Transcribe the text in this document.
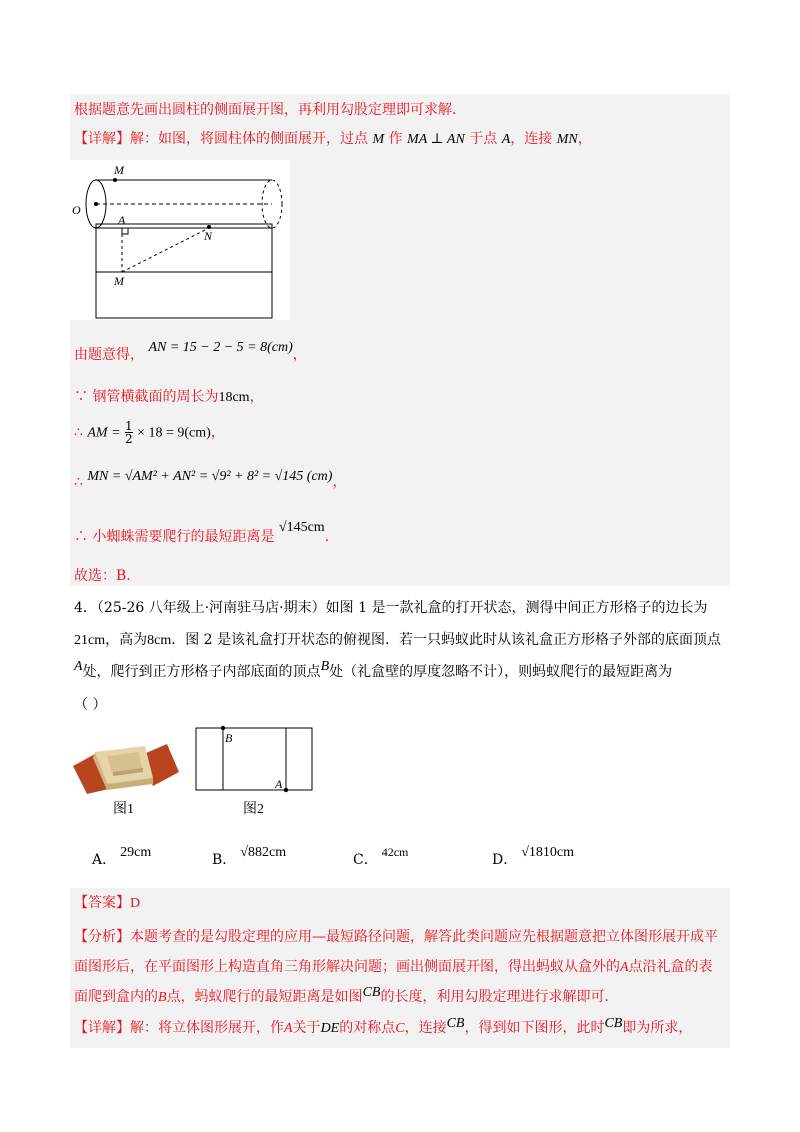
根据题意先画出圆柱的侧面展开图，再利用勾股定理即可求解.
【详解】解：如图，将圆柱体的侧面展开，过点 M 作 MA ⊥ AN 于点 A，连接 MN，
M
O
A
N
M
由题意得， AN = 15 − 2 − 5 = 8(cm)，
∵ 钢管横截面的周长为18cm，
∴ AM = $\frac{1}{2} \times 18 = 9(cm)$，
∴ MN = √AM² + AN² = √9² + 8² = √145 (cm)，
∴ 小蜘蛛需要爬行的最短距离是 √145cm.
故选：B.
4．（25-26 八年级上·河南驻马店·期末）如图 1 是一款礼盒的打开状态，测得中间正方形格子的边长为
21cm，高为8cm．图 2 是该礼盒打开状态的俯视图．若一只蚂蚁此时从该礼盒正方形格子外部的底面顶点
A处，爬行到正方形格子内部底面的顶点B处（礼盒壁的厚度忽略不计），则蚂蚁爬行的最短距离为
（ ）
图1
B
A
图2
A． 29cm	B． √882cm	C． 42cm	D． √1810cm
【答案】D
【分析】本题考查的是勾股定理的应用—最短路径问题，解答此类问题应先根据题意把立体图形展开成平
面图形后，在平面图形上构造直角三角形解决问题；画出侧面展开图，得出蚂蚁从盒外的A点沿礼盒的表
面爬到盒内的B点，蚂蚁爬行的最短距离是如图CB的长度，利用勾股定理进行求解即可．
【详解】解：将立体图形展开，作A关于DE的对称点C，连接CB，得到如下图形，此时CB即为所求，
